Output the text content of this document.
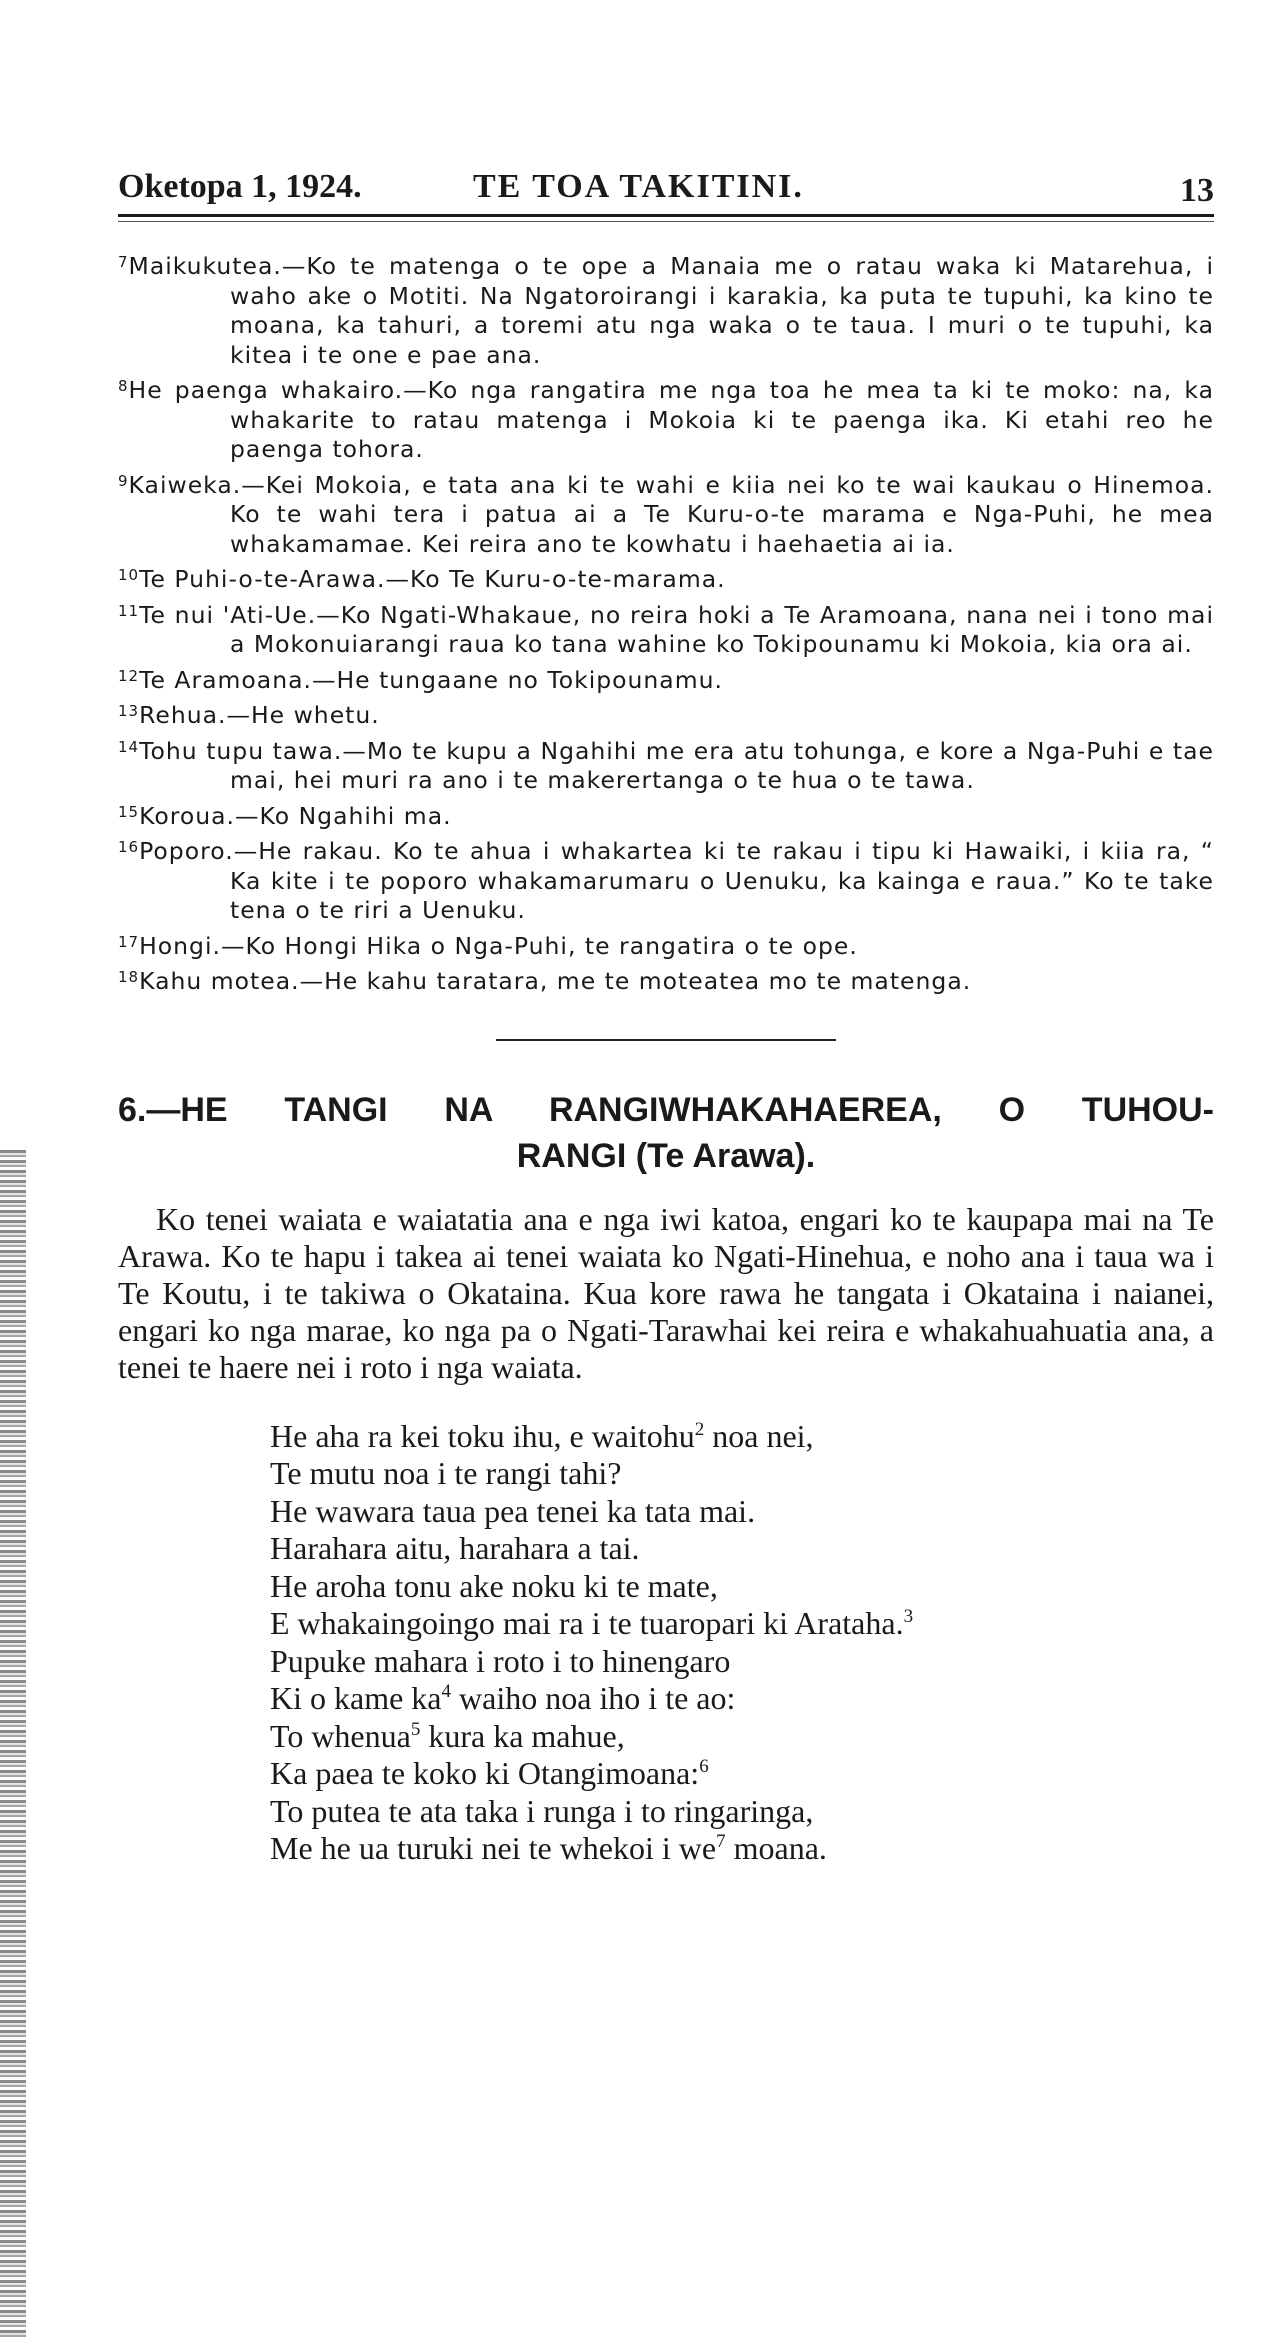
Oketopa 1, 1924.	TE TOA TAKITINI.	13
$^7$Maikukutea.—Ko te matenga o te ope a Manaia me o ratau waka ki Matarehua, i waho ake o Motiti. Na Ngatoroirangi i karakia, ka puta te tupuhi, ka kino te moana, ka tahuri, a toremi atu nga waka o te taua. I muri o te tupuhi, ka kitea i te one e pae ana.
$^8$He paenga whakairo.—Ko nga rangatira me nga toa he mea ta ki te moko: na, ka whakarite to ratau matenga i Mokoia ki te paenga ika. Ki etahi reo he paenga tohora.
$^9$Kaiweka.—Kei Mokoia, e tata ana ki te wahi e kiia nei ko te wai kaukau o Hinemoa. Ko te wahi tera i patua ai a Te Kuru-o-te marama e Nga-Puhi, he mea whakamamae. Kei reira ano te kowhatu i haehaetia ai ia.
$^{10}$Te Puhi-o-te-Arawa.—Ko Te Kuru-o-te-marama.
$^{11}$Te nui 'Ati-Ue.—Ko Ngati-Whakaue, no reira hoki a Te Aramoana, nana nei i tono mai a Mokonuiarangi raua ko tana wahine ko Tokipounamu ki Mokoia, kia ora ai.
$^{12}$Te Aramoana.—He tungaane no Tokipounamu.
$^{13}$Rehua.—He whetu.
$^{14}$Tohu tupu tawa.—Mo te kupu a Ngahihi me era atu tohunga, e kore a Nga-Puhi e tae mai, hei muri ra ano i te makerertanga o te hua o te tawa.
$^{15}$Koroua.—Ko Ngahihi ma.
$^{16}$Poporo.—He rakau. Ko te ahua i whakartea ki te rakau i tipu ki Hawaiki, i kiia ra, “ Ka kite i te poporo whakamarumaru o Uenuku, ka kainga e raua.” Ko te take tena o te riri a Uenuku.
$^{17}$Hongi.—Ko Hongi Hika o Nga-Puhi, te rangatira o te ope.
$^{18}$Kahu motea.—He kahu taratara, me te moteatea mo te matenga.
6.—HE TANGI NA RANGIWHAKAHAEREA, O TUHOU-
RANGI (Te Arawa).

Ko tenei waiata e waiatatia ana e nga iwi katoa, engari ko te kaupapa mai na Te Arawa. Ko te hapu i takea ai tenei waiata ko Ngati-Hinehua, e noho ana i taua wa i Te Koutu, i te takiwa o Okataina. Kua kore rawa he tangata i Okataina i naianei, engari ko nga marae, ko nga pa o Ngati-Tarawhai kei reira e whakahuahuatia ana, a tenei te haere nei i roto i nga waiata.

He aha ra kei toku ihu, e waitohu$^2$ noa nei,
Te mutu noa i te rangi tahi?
He wawara taua pea tenei ka tata mai.
Harahara aitu, harahara a tai.
He aroha tonu ake noku ki te mate,
E whakaingoingo mai ra i te tuaropari ki Arataha.$^3$
Pupuke mahara i roto i to hinengaro
Ki o kame $ka^4$ waiho noa iho i te ao:
To whenua$^5$ kura ka mahue,
Ka paea te koko ki Otangimoana:$^6$
To putea te ata taka i runga i to ringaringa,
Me he ua turuki nei te whekoi i $we^7$ moana.
